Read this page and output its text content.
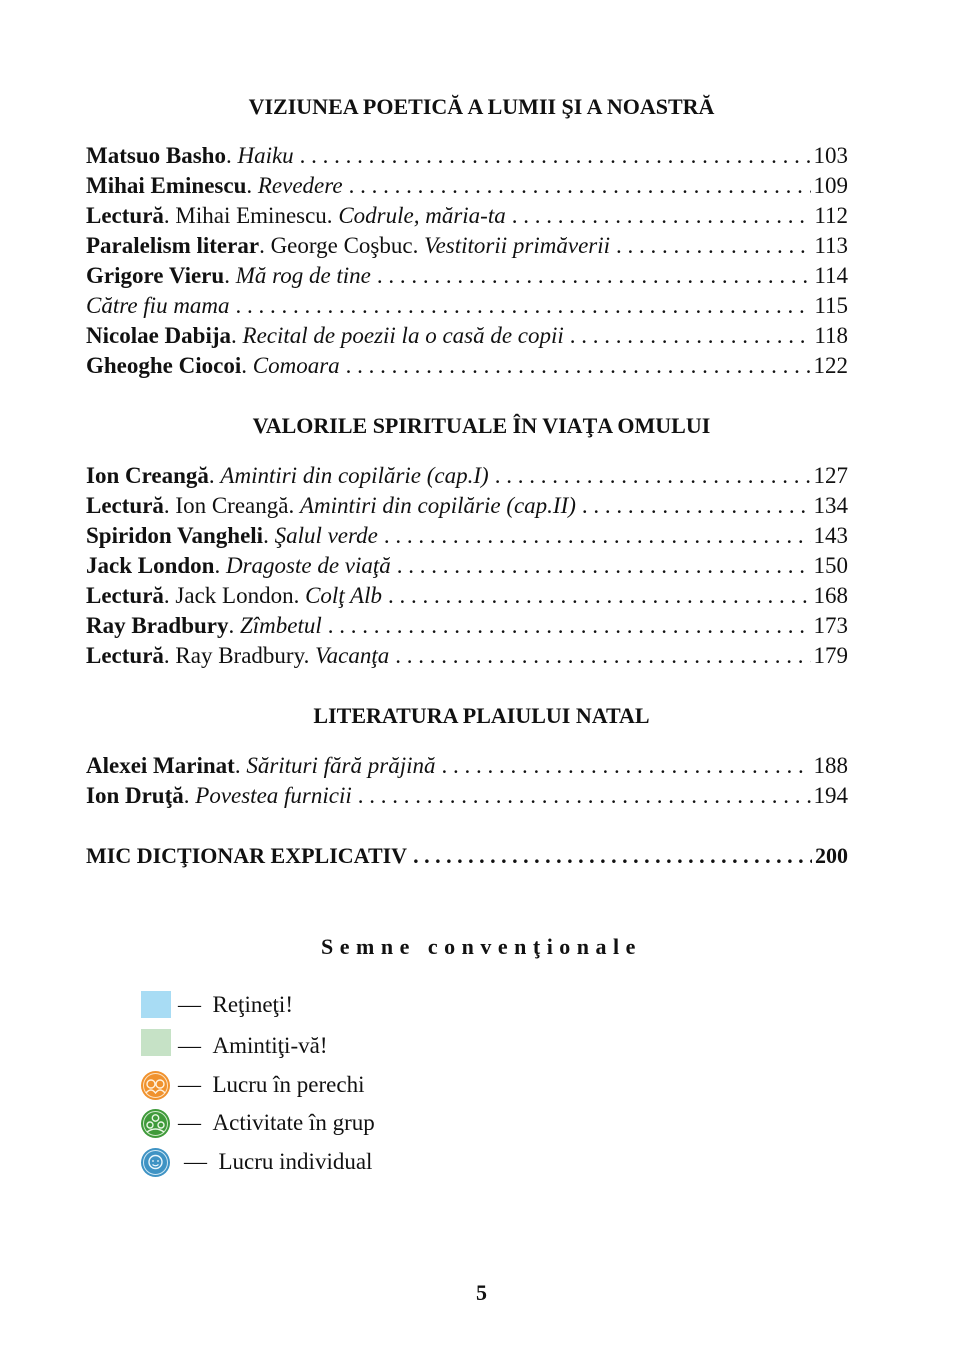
VIZIUNEA POETICĂ A LUMII ŞI A NOASTRĂ
Matsuo Basho. Haiku . . .	103
Mihai Eminescu. Revedere . . .	109
Lectură. Mihai Eminescu. Codrule, măria-ta . . .	112
Paralelism literar. George Coşbuc. Vestitorii primăverii . . .	113
Grigore Vieru. Mă rog de tine . . .	114
Către fiu mama . . .	115
Nicolae Dabija. Recital de poezii la o casă de copii . . .	118
Gheoghe Ciocoi. Comoara . . .	122
VALORILE SPIRITUALE ÎN VIAŢA OMULUI
Ion Creangă. Amintiri din copilărie (cap.I) . . .	127
Lectură. Ion Creangă. Amintiri din copilărie (cap.II) . . .	134
Spiridon Vangheli. Şalul verde . . .	143
Jack London. Dragoste de viaţă . . .	150
Lectură. Jack London. Colţ Alb . . .	168
Ray Bradbury. Zîmbetul . . .	173
Lectură. Ray Bradbury. Vacanţa . . .	179
LITERATURA PLAIULUI NATAL
Alexei Marinat. Sărituri fără prăjină . . .	188
Ion Druţă. Povestea furnicii . . .	194
MIC DICŢIONAR EXPLICATIV . . .	200
Semne convenţionale
— Reţineţi!
— Amintiţi-vă!
— Lucru în perechi
— Activitate în grup
— Lucru individual
5
